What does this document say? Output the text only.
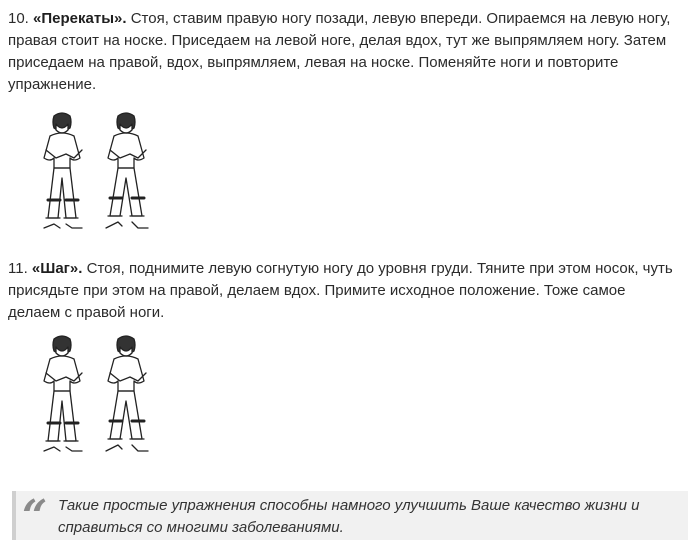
10. «Перекаты». Стоя, ставим правую ногу позади, левую впереди. Опираемся на левую ногу, правая стоит на носке. Приседаем на левой ноге, делая вдох, тут же выпрямляем ногу. Затем приседаем на правой, вдох, выпрямляем, левая на носке. Поменяйте ноги и повторите упражнение.
11. «Шаг». Стоя, поднимите левую согнутую ногу до уровня груди. Тяните при этом носок, чуть присядьте при этом на правой, делаем вдох. Примите исходное положение. Тоже самое делаем с правой ноги.
“ Такие простые упражнения способны намного улучшить Ваше качество жизни и справиться со многими заболеваниями.
